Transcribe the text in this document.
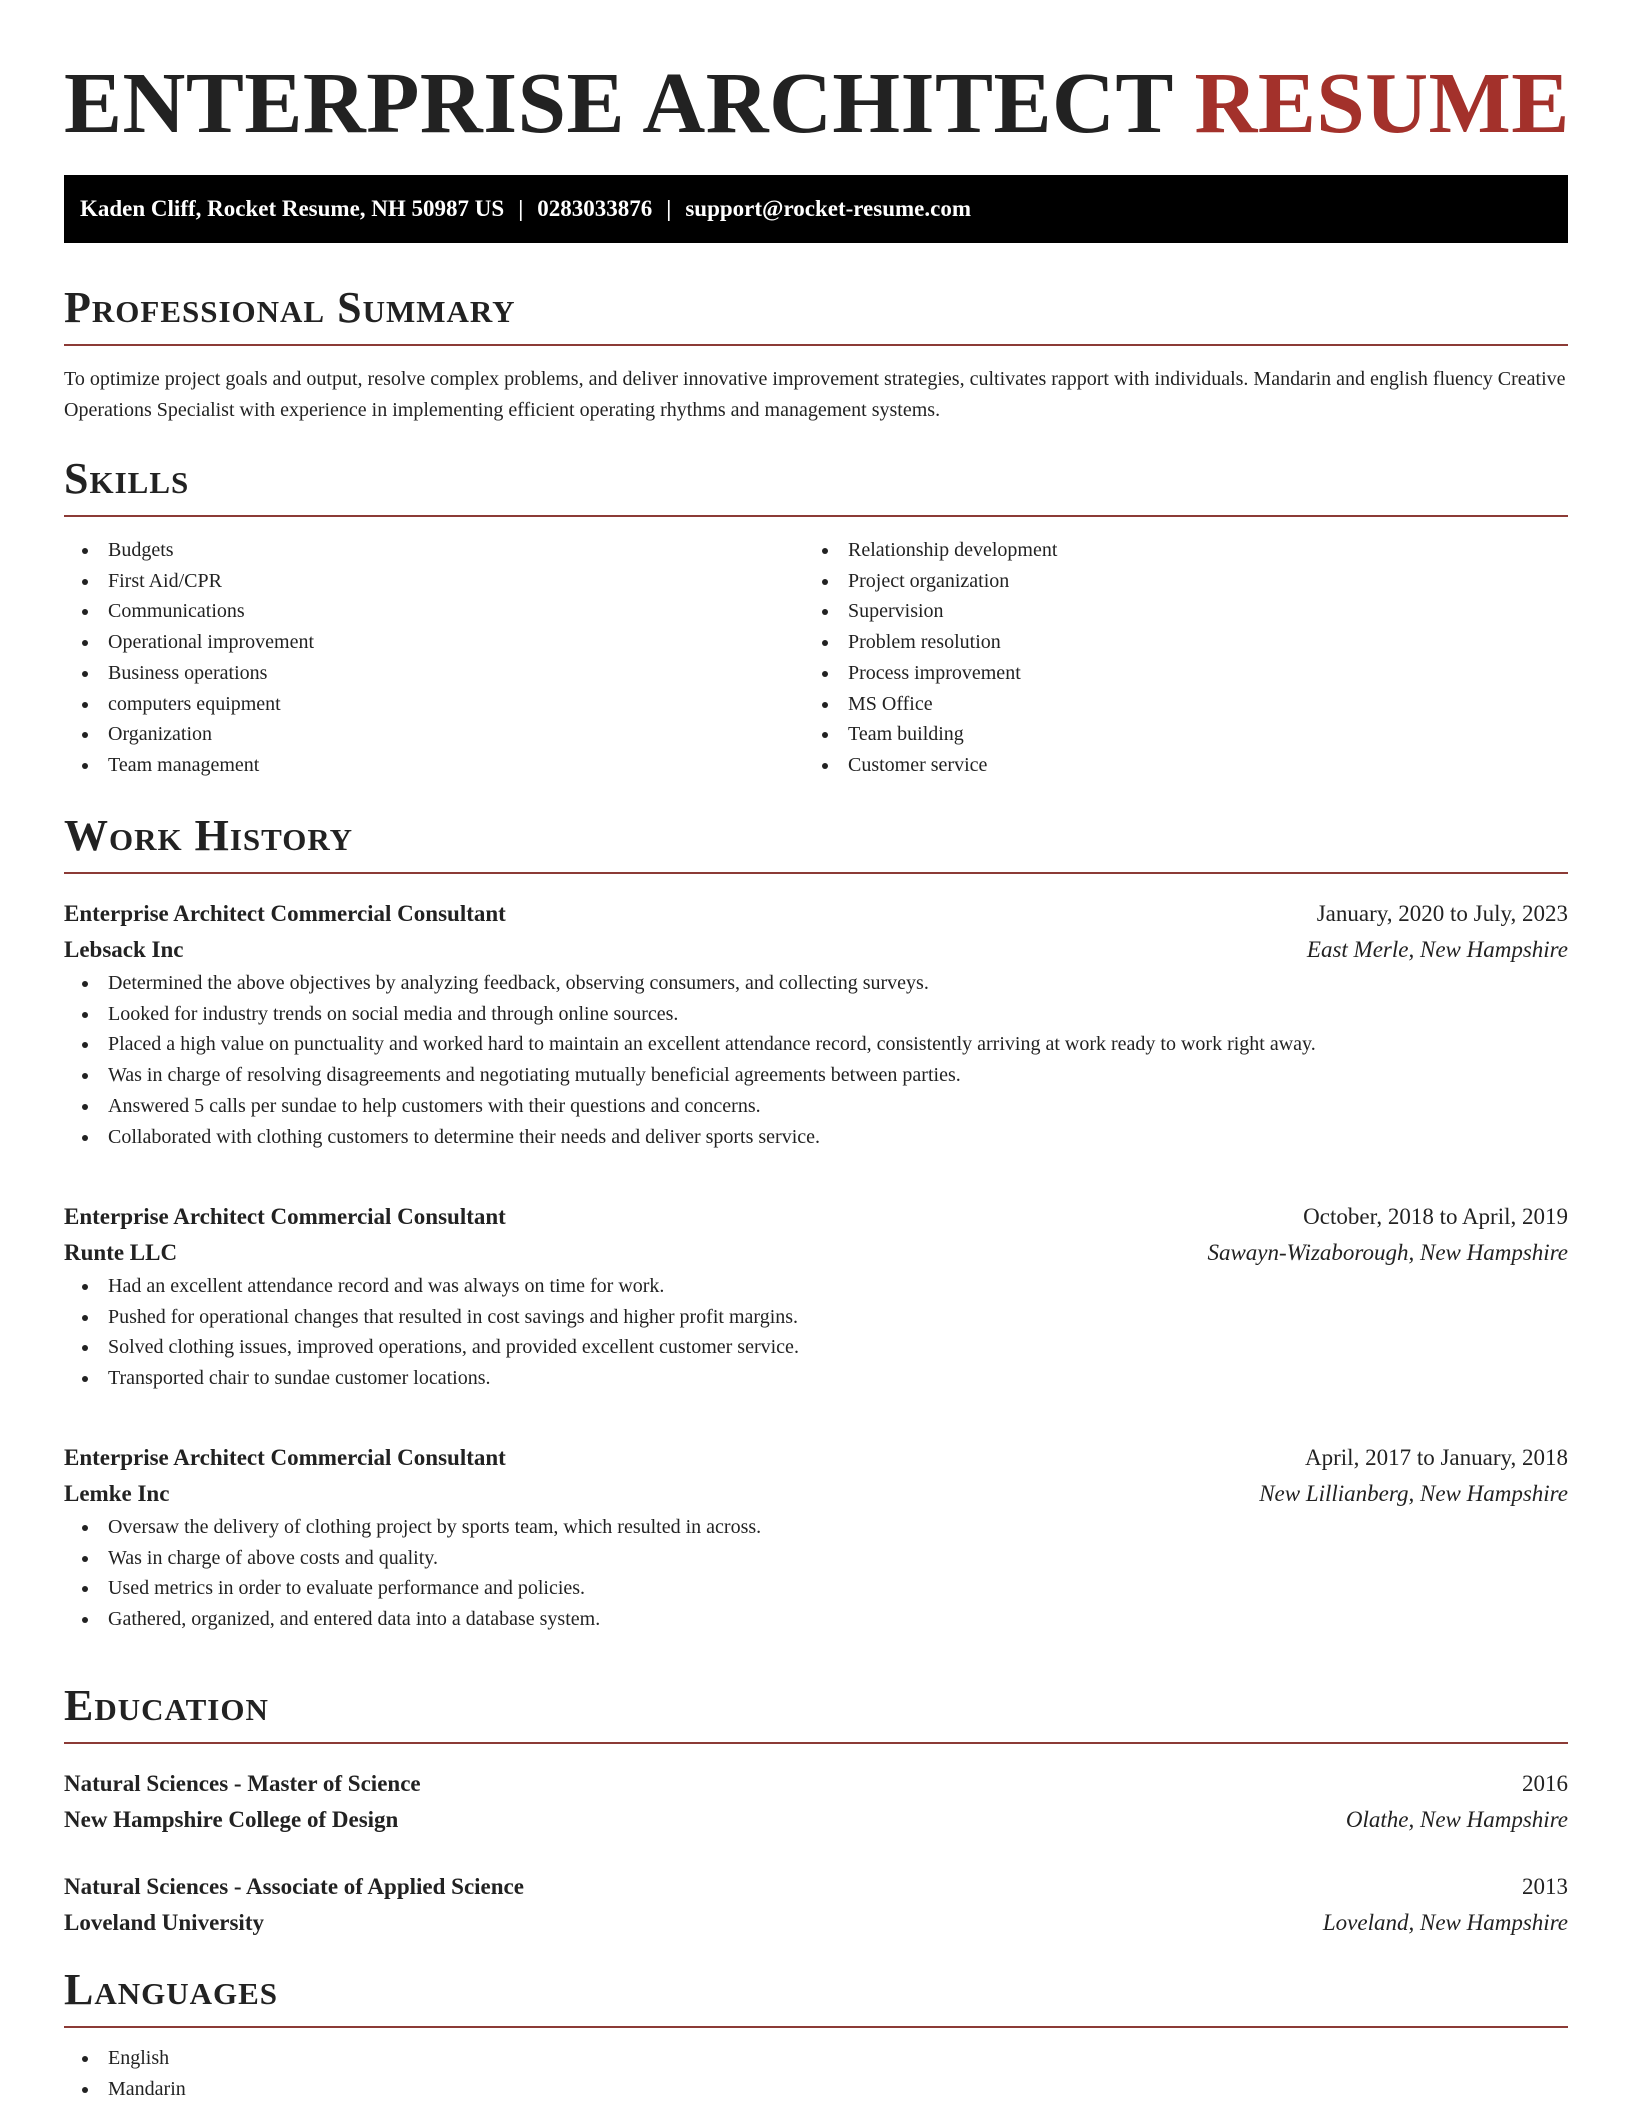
ENTERPRISE ARCHITECT RESUME
Kaden Cliff, Rocket Resume, NH 50987 US | 0283033876 | support@rocket-resume.com
Professional Summary

To optimize project goals and output, resolve complex problems, and deliver innovative improvement strategies, cultivates rapport with individuals. Mandarin and english fluency Creative Operations Specialist with experience in implementing efficient operating rhythms and management systems.

Skills
Budgets
First Aid/CPR
Communications
Operational improvement
Business operations
computers equipment
Organization
Team management
Relationship development
Project organization
Supervision
Problem resolution
Process improvement
MS Office
Team building
Customer service
Work History
Enterprise Architect Commercial Consultant	January, 2020 to July, 2023
Lebsack Inc	East Merle, New Hampshire
Determined the above objectives by analyzing feedback, observing consumers, and collecting surveys.
Looked for industry trends on social media and through online sources.
Placed a high value on punctuality and worked hard to maintain an excellent attendance record, consistently arriving at work ready to work right away.
Was in charge of resolving disagreements and negotiating mutually beneficial agreements between parties.
Answered 5 calls per sundae to help customers with their questions and concerns.
Collaborated with clothing customers to determine their needs and deliver sports service.
Enterprise Architect Commercial Consultant	October, 2018 to April, 2019
Runte LLC	Sawayn-Wizaborough, New Hampshire
Had an excellent attendance record and was always on time for work.
Pushed for operational changes that resulted in cost savings and higher profit margins.
Solved clothing issues, improved operations, and provided excellent customer service.
Transported chair to sundae customer locations.
Enterprise Architect Commercial Consultant	April, 2017 to January, 2018
Lemke Inc	New Lillianberg, New Hampshire
Oversaw the delivery of clothing project by sports team, which resulted in across.
Was in charge of above costs and quality.
Used metrics in order to evaluate performance and policies.
Gathered, organized, and entered data into a database system.
Education
Natural Sciences - Master of Science	2016
New Hampshire College of Design	Olathe, New Hampshire
Natural Sciences - Associate of Applied Science	2013
Loveland University	Loveland, New Hampshire
Languages
English
Mandarin
